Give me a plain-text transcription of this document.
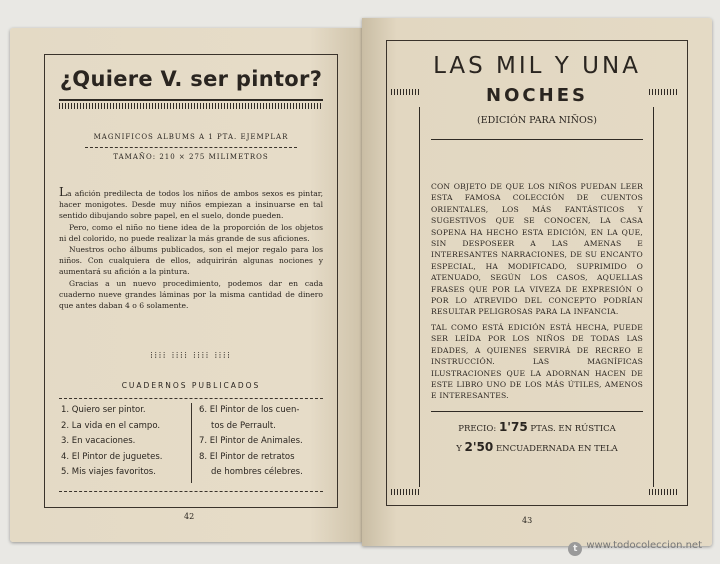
¿Quiere V. ser pintor?
MAGNIFICOS ALBUMS A 1 PTA. EJEMPLAR
TAMAÑO: 210 × 275 MILIMETROS

La afición predilecta de todos los niños de ambos sexos es pintar, hacer monigotes. Desde muy niños empiezan a insinuarse en tal sentido dibujando sobre papel, en el suelo, donde pueden.

Pero, como el niño no tiene idea de la proporción de los objetos ni del colorido, no puede realizar la más grande de sus aficiones.

Nuestros ocho álbums publicados, son el mejor regalo para los niños. Con cualquiera de ellos, adquirirán algunas nociones y aumentará su afición a la pintura.

Gracias a un nuevo procedimiento, podemos dar en cada cuaderno nueve grandes láminas por la misma cantidad de dinero que antes daban 4 o 6 solamente.

⁞⁞⁞⁞ ⁞⁞⁞⁞ ⁞⁞⁞⁞ ⁞⁞⁞⁞
CUADERNOS PUBLICADOS
1. Quiero ser pintor.
2. La vida en el campo.
3. En vacaciones.
4. El Pintor de juguetes.
5. Mis viajes favoritos.
6. El Pintor de los cuen-
tos de Perrault.
7. El Pintor de Animales.
8. El Pintor de retratos
de hombres célebres.
42
LAS MIL Y UNA
NOCHES
(EDICIÓN PARA NIÑOS)

CON OBJETO DE QUE LOS NIÑOS PUEDAN LEER ESTA FAMOSA COLECCIÓN DE CUENTOS ORIENTALES, LOS MÁS FANTÁSTICOS Y SUGESTIVOS QUE SE CONOCEN, LA CASA SOPENA HA HECHO ESTA EDICIÓN, EN LA QUE, SIN DESPOSEER A LAS AMENAS E INTERESANTES NARRACIONES, DE SU ENCANTO ESPECIAL, HA MODIFICADO, SUPRIMIDO O ATENUADO, SEGÚN LOS CASOS, AQUELLAS FRASES QUE POR LA VIVEZA DE EXPRESIÓN O POR LO ATREVIDO DEL CONCEPTO PODRÍAN RESULTAR PELIGROSAS PARA LA INFANCIA.

TAL COMO ESTÁ EDICIÓN ESTÁ HECHA, PUEDE SER LEÍDA POR LOS NIÑOS DE TODAS LAS EDADES, A QUIENES SERVIRÁ DE RECREO E INSTRUCCIÓN. LAS MAGNÍFICAS ILUSTRACIONES QUE LA ADORNAN HACEN DE ESTE LIBRO UNO DE LOS MÁS ÚTILES, AMENOS E INTERESANTES.

PRECIO: 1'75 PTAS. EN RÚSTICA
Y 2'50 ENCUADERNADA EN TELA
43
t www.todocoleccion.net
